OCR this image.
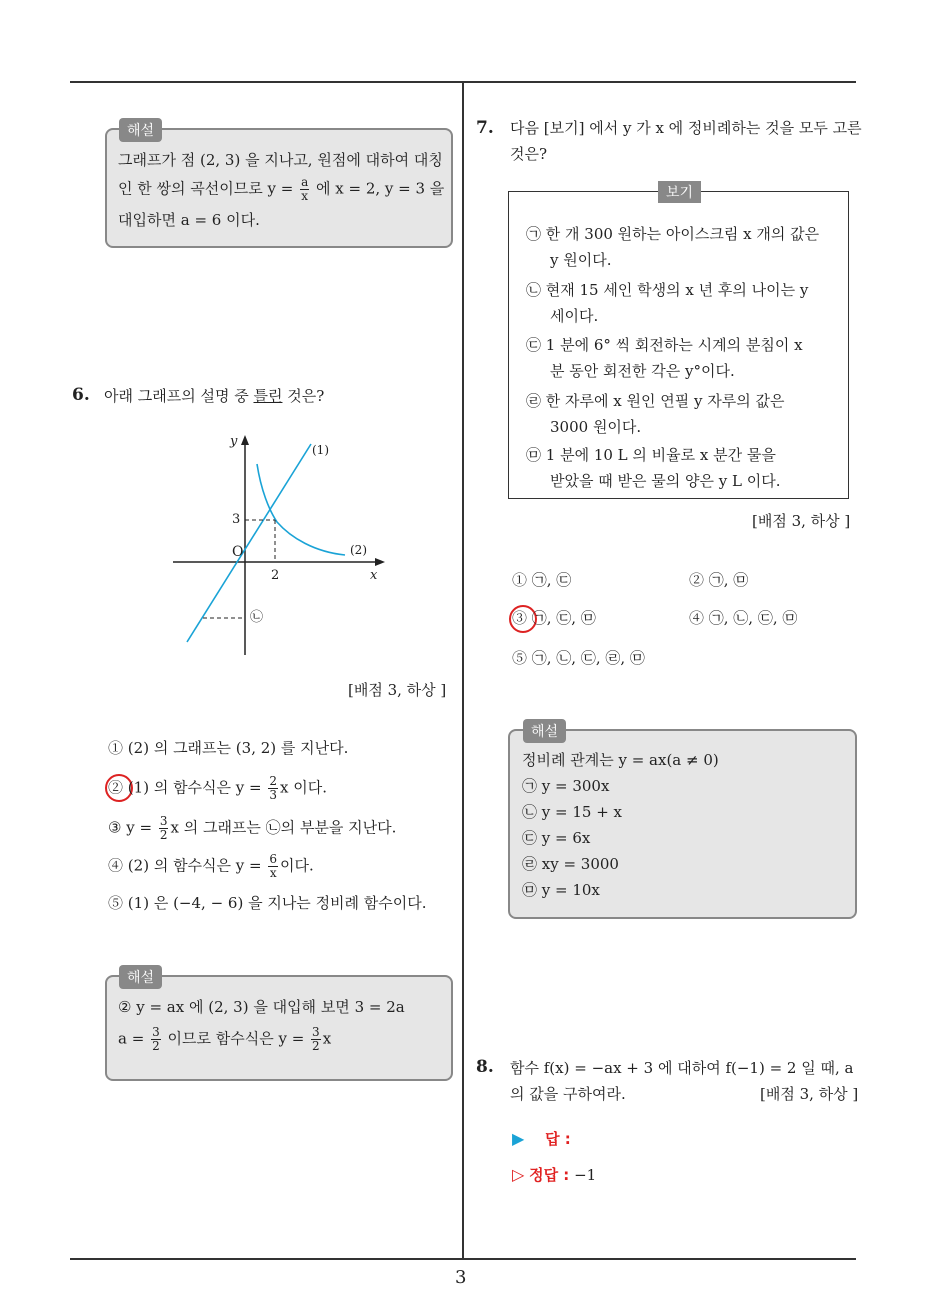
3
해설
그래프가 점 (2, 3) 을 지나고, 원점에 대하여 대칭
인 한 쌍의 곡선이므로 $y = \frac{a}{x}$ 에 x = 2, y = 3 을
대입하면 a = 6 이다.
6. 아래 그래프의 설명 중 틀린 것은?
y
x
O
3
2
(1)
(2)
㉡
[배점 3, 하상 ]
① (2) 의 그래프는 (3, 2) 를 지난다.
② (1) 의 함수식은 $y = \frac{2}{3}$ x 이다.
③ $y = \frac{3}{2}$ x 의 그래프는 ㉡의 부분을 지난다.
④ (2) 의 함수식은 $y = \frac{6}{x}$ 이다.
⑤ (1) 은 (−4, − 6) 을 지나는 정비례 함수이다.
해설
② y = ax 에 (2, 3) 을 대입해 보면 3 = 2a
$a = \frac{3}{2}$ 이므로 함수식은 $y = \frac{3}{2}$ x
7. 다음 [보기] 에서 y 가 x 에 정비례하는 것을 모두 고른
것은?
보기
㉠ 한 개 300 원하는 아이스크림 x 개의 값은
y 원이다.
㉡ 현재 15 세인 학생의 x 년 후의 나이는 y
세이다.
㉢ 1 분에 6° 씩 회전하는 시계의 분침이 x
분 동안 회전한 각은 y°이다.
㉣ 한 자루에 x 원인 연필 y 자루의 값은
3000 원이다.
㉤ 1 분에 10 L 의 비율로 x 분간 물을
받았을 때 받은 물의 양은 y L 이다.
[배점 3, 하상 ]
① ㉠, ㉢	② ㉠, ㉤
③ ㉠, ㉢, ㉤	④ ㉠, ㉡, ㉢, ㉤
⑤ ㉠, ㉡, ㉢, ㉣, ㉤
해설
정비례 관계는 y = ax(a ≠ 0)
㉠ y = 300x
㉡ y = 15 + x
㉢ y = 6x
㉣ xy = 3000
㉤ y = 10x
8. 함수 f(x) = −ax + 3 에 대하여 f(−1) = 2 일 때, a
의 값을 구하여라.	[배점 3, 하상 ]
▶ 답 :
▷ 정답 : −1
